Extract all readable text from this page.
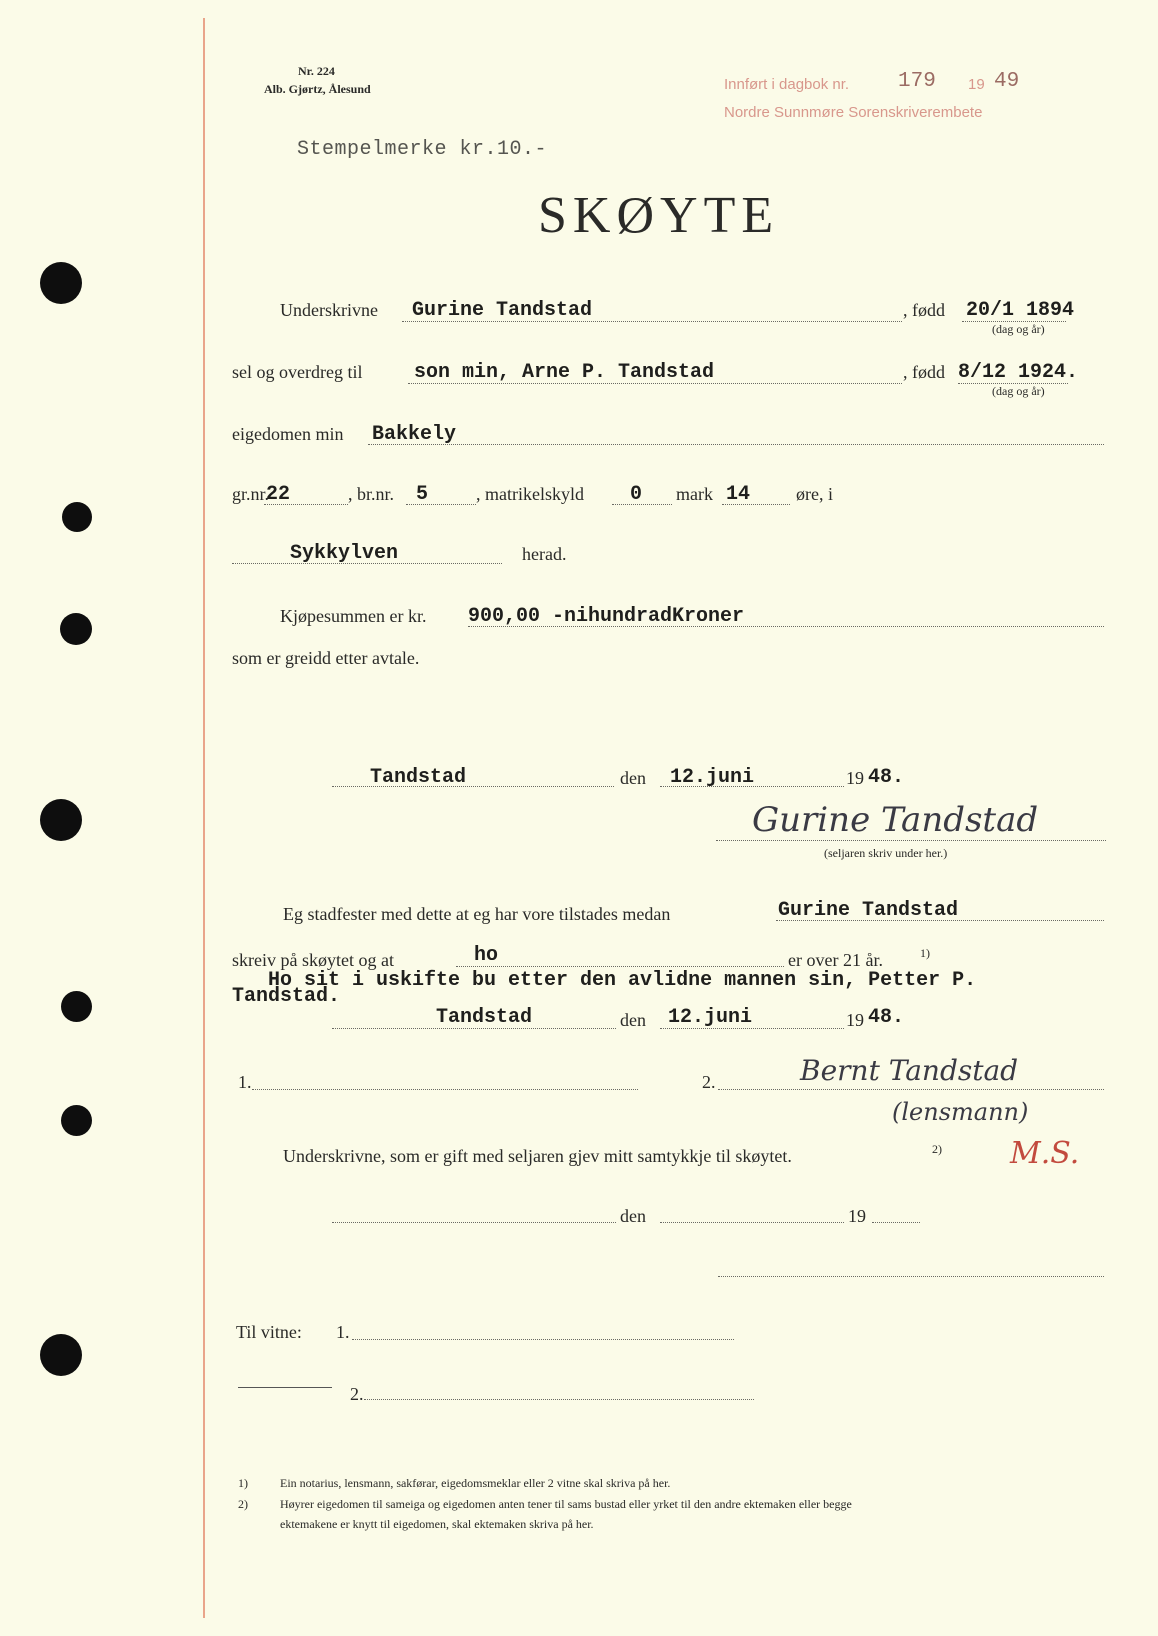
Nr. 224
Alb. Gjørtz, Ålesund	Innført i dagbok nr. 179 19 49
Nordre Sunnmøre Sorenskriverembete
Stempelmerke kr.10.-
SKØYTE
Underskrivne Gurine Tandstad	, fødd 20/1 1894
(dag og år)
sel og overdreg til	son min, Arne P. Tandstad	, fødd 8/12 1924.
(dag og år)
eigedomen min Bakkely
gr.nr.
22	, br.nr. 5	, matrikelskyld 0 mark 14	øre, i
Sykkylven	herad.
Kjøpesummen er kr. 900,00 -nihundradKroner
som er greidd etter avtale.
Tandstad	den 12.juni	19 48.
Gurine Tandstad
(seljaren skriv under her.)
Eg stadfester med dette at eg har vore tilstades medan	Gurine Tandstad
skreiv på skøytet og at	ho	er over 21 år.	1)
Ho sit i uskifte bu etter den avlidne mannen sin, Petter P.
Tandstad.
Tandstad	den 12.juni	19 48.
1.	2.	Bernt Tandstad
(lensmann)
Underskrivne, som er gift med seljaren gjev mitt samtykkje til skøytet.	2) M.S.
den	19
Til vitne: 1.
2.
1)	Ein notarius, lensmann, sakførar, eigedomsmeklar eller 2 vitne skal skriva på her.
2)	Høyrer eigedomen til sameiga og eigedomen anten tener til sams bustad eller yrket til den andre ektemaken eller begge
ektemakene er knytt til eigedomen, skal ektemaken skriva på her.
